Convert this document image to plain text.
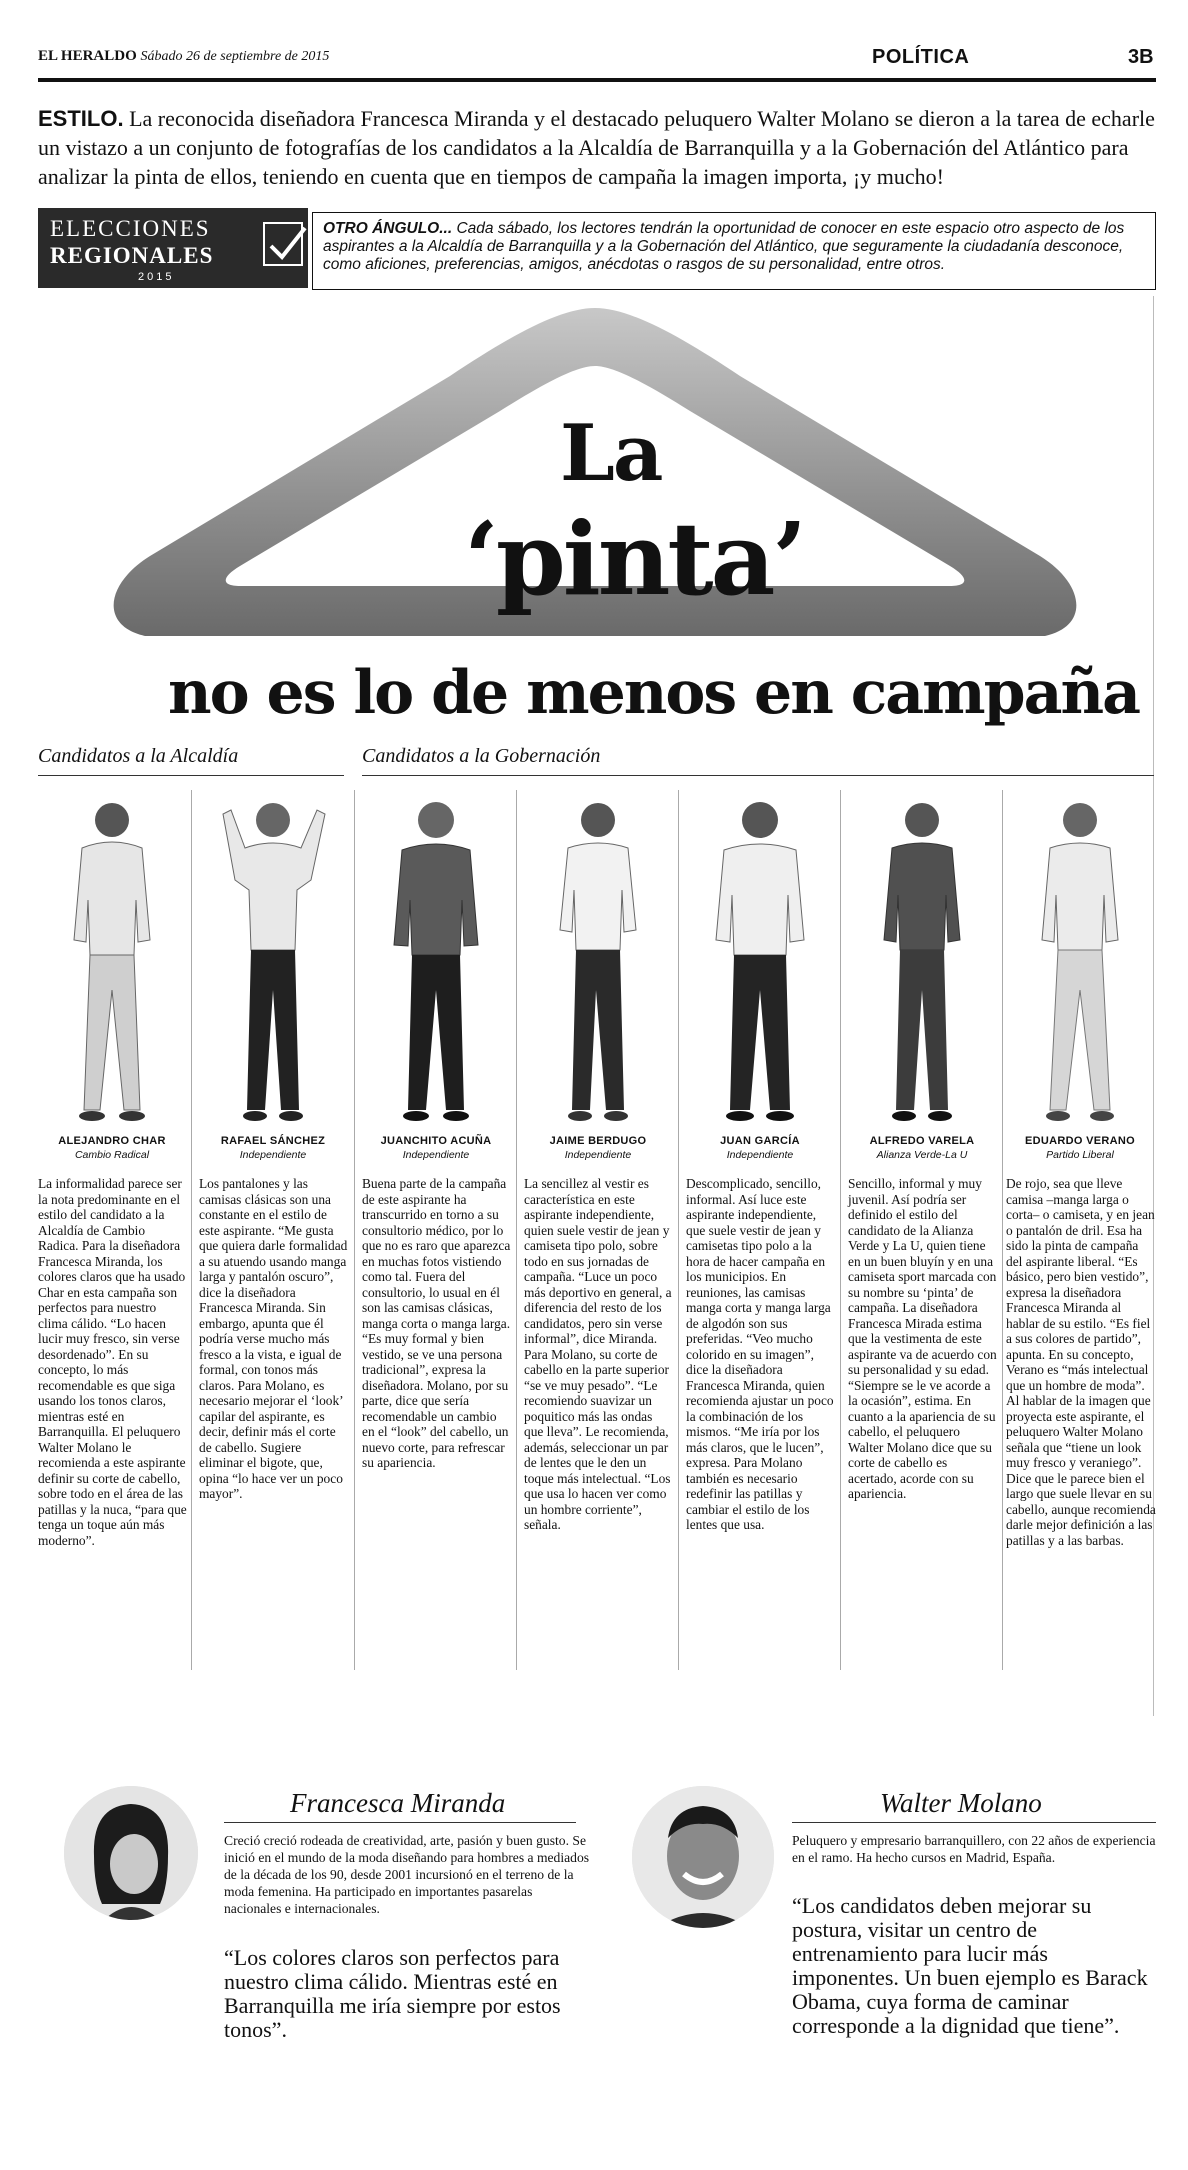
EL HERALDO Sábado 26 de septiembre de 2015	POLÍTICA	3B
ESTILO. La reconocida diseñadora Francesca Miranda y el destacado peluquero Walter Molano se dieron a la tarea de echarle un vistazo a un conjunto de fotografías de los candidatos a la Alcaldía de Barranquilla y a la Gobernación del Atlántico para analizar la pinta de ellos, teniendo en cuenta que en tiempos de campaña la imagen importa, ¡y mucho!
ELECCIONES
REGIONALES
2015
OTRO ÁNGULO... Cada sábado, los lectores tendrán la oportunidad de conocer en este espacio otro aspecto de los aspirantes a la Alcaldía de Barranquilla y a la Gobernación del Atlántico, que seguramente la ciudadanía desconoce, como aficiones, preferencias, amigos, anécdotas o rasgos de su personalidad, entre otros.
La
‘pinta’
no es lo de menos en campaña
Candidatos a la Alcaldía	Candidatos a la Gobernación
ALEJANDRO CHAR
Cambio Radical
La informalidad parece ser la nota predominante en el estilo del candidato a la Alcaldía de Cambio Radica. Para la diseñadora Francesca Miranda, los colores claros que ha usado Char en esta campaña son perfectos para nuestro clima cálido. “Lo hacen lucir muy fresco, sin verse desordenado”. En su concepto, lo más recomendable es que siga usando los tonos claros, mientras esté en Barranquilla. El peluquero Walter Molano le recomienda a este aspirante definir su corte de cabello, sobre todo en el área de las patillas y la nuca, “para que tenga un toque aún más moderno”.
RAFAEL SÁNCHEZ
Independiente
Los pantalones y las camisas clásicas son una constante en el estilo de este aspirante. “Me gusta que quiera darle formalidad a su atuendo usando manga larga y pantalón oscuro”, dice la diseñadora Francesca Miranda. Sin embargo, apunta que él podría verse mucho más fresco a la vista, e igual de formal, con tonos más claros. Para Molano, es necesario mejorar el ‘look’ capilar del aspirante, es decir, definir más el corte de cabello. Sugiere eliminar el bigote, que, opina “lo hace ver un poco mayor”.
JUANCHITO ACUÑA
Independiente
Buena parte de la campaña de este aspirante ha transcurrido en torno a su consultorio médico, por lo que no es raro que aparezca en muchas fotos vistiendo como tal. Fuera del consultorio, lo usual en él son las camisas clásicas, manga corta o manga larga. “Es muy formal y bien vestido, se ve una persona tradicional”, expresa la diseñadora. Molano, por su parte, dice que sería recomendable un cambio en el “look” del cabello, un nuevo corte, para refrescar su apariencia.
JAIME BERDUGO
Independiente
La sencillez al vestir es característica en este aspirante independiente, quien suele vestir de jean y camiseta tipo polo, sobre todo en sus jornadas de campaña. “Luce un poco más deportivo en general, a diferencia del resto de los candidatos, pero sin verse informal”, dice Miranda. Para Molano, su corte de cabello en la parte superior “se ve muy pesado”. “Le recomiendo suavizar un poquitico más las ondas que lleva”. Le recomienda, además, seleccionar un par de lentes que le den un toque más intelectual. “Los que usa lo hacen ver como un hombre corriente”, señala.
JUAN GARCÍA
Independiente
Descomplicado, sencillo, informal. Así luce este aspirante independiente, que suele vestir de jean y camisetas tipo polo a la hora de hacer campaña en los municipios. En reuniones, las camisas manga corta y manga larga de algodón son sus preferidas. “Veo mucho colorido en su imagen”, dice la diseñadora Francesca Miranda, quien recomienda ajustar un poco la combinación de los mismos. “Me iría por los más claros, que le lucen”, expresa. Para Molano también es necesario redefinir las patillas y cambiar el estilo de los lentes que usa.
ALFREDO VARELA
Alianza Verde-La U
Sencillo, informal y muy juvenil. Así podría ser definido el estilo del candidato de la Alianza Verde y La U, quien tiene en un buen bluyín y en una camiseta sport marcada con su nombre su ‘pinta’ de campaña. La diseñadora Francesca Mirada estima que la vestimenta de este aspirante va de acuerdo con su personalidad y su edad. “Siempre se le ve acorde a la ocasión”, estima. En cuanto a la apariencia de su cabello, el peluquero Walter Molano dice que su corte de cabello es acertado, acorde con su apariencia.
EDUARDO VERANO
Partido Liberal
De rojo, sea que lleve camisa –manga larga o corta– o camiseta, y en jean o pantalón de dril. Esa ha sido la pinta de campaña del aspirante liberal. “Es básico, pero bien vestido”, expresa la diseñadora Francesca Miranda al hablar de su estilo. “Es fiel a sus colores de partido”, apunta. En su concepto, Verano es “más intelectual que un hombre de moda”. Al hablar de la imagen que proyecta este aspirante, el peluquero Walter Molano señala que “tiene un look muy fresco y veraniego”. Dice que le parece bien el largo que suele llevar en su cabello, aunque recomienda darle mejor definición a las patillas y a las barbas.
Francesca Miranda
Creció creció rodeada de creatividad, arte, pasión y buen gusto. Se inició en el mundo de la moda diseñando para hombres a mediados de la década de los 90, desde 2001 incursionó en el terreno de la moda femenina. Ha participado en importantes pasarelas nacionales e internacionales.
“Los colores claros son perfectos para nuestro clima cálido. Mientras esté en Barranquilla me iría siempre por estos tonos”.
Walter Molano
Peluquero y empresario barranquillero, con 22 años de experiencia en el ramo. Ha hecho cursos en Madrid, España.
“Los candidatos deben mejorar su postura, visitar un centro de entrenamiento para lucir más imponentes. Un buen ejemplo es Barack Obama, cuya forma de caminar corresponde a la dignidad que tiene”.
